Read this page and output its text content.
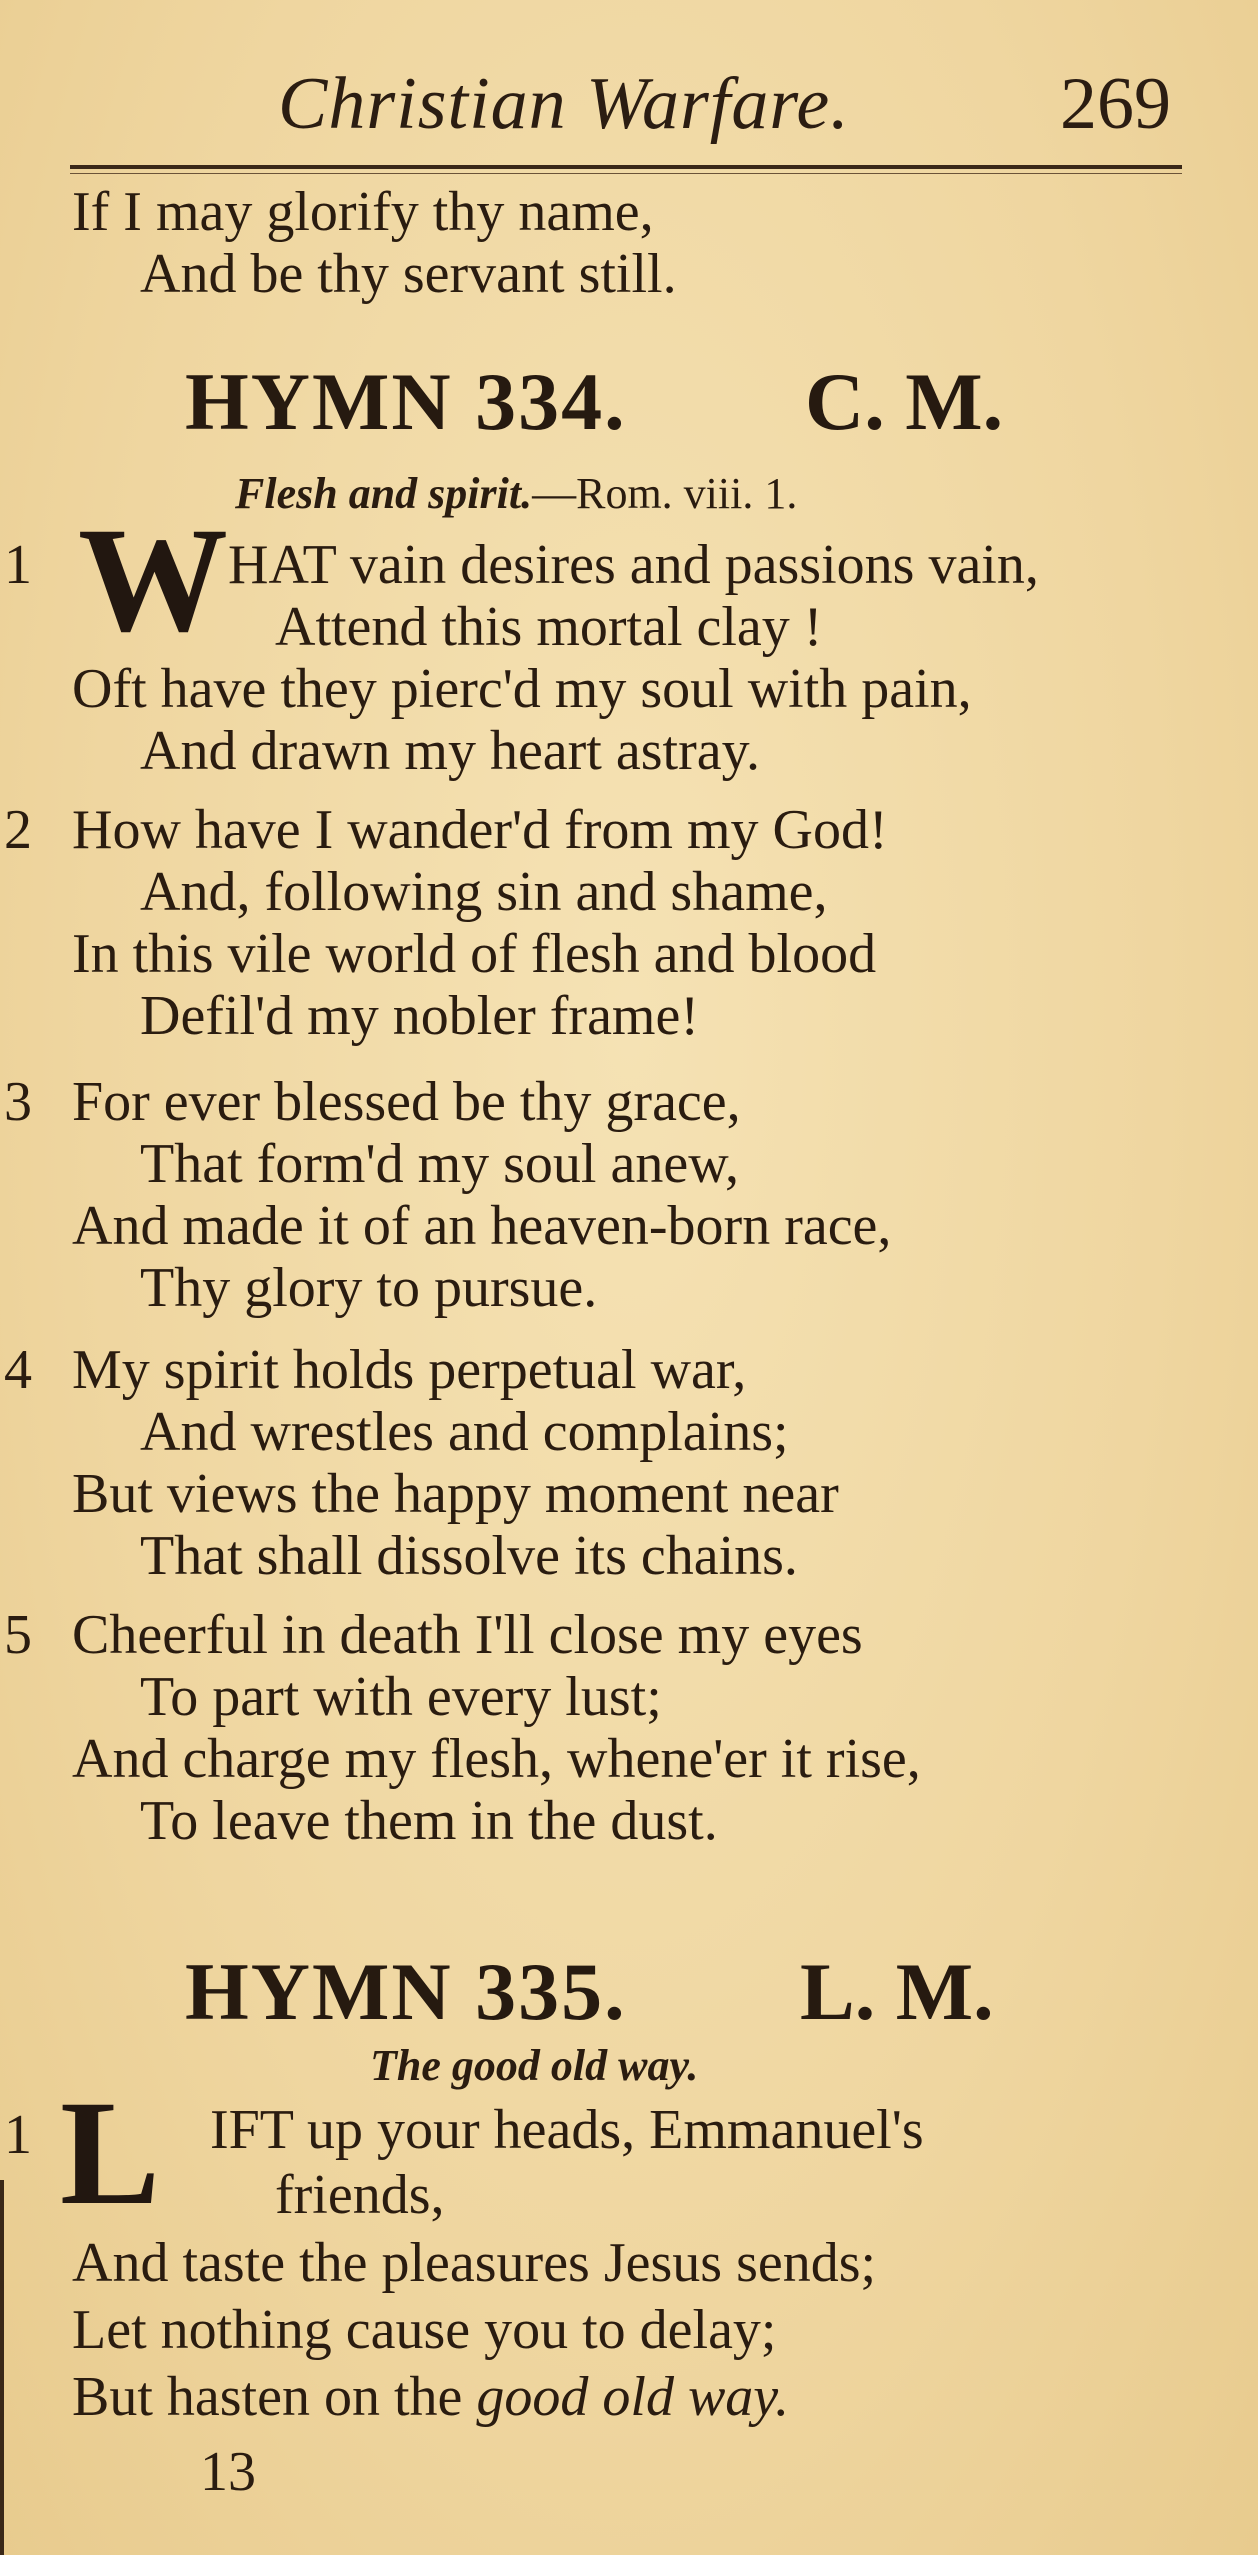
Christian Warfare.	269
If I may glorify thy name,
And be thy servant still.
HYMN 334. C. M.
Flesh and spirit.—Rom. viii. 1.
1 W HAT vain desires and passions vain,
Attend this mortal clay !
Oft have they pierc'd my soul with pain,
And drawn my heart astray.
2 How have I wander'd from my God!
And, following sin and shame,
In this vile world of flesh and blood
Defil'd my nobler frame!
3 For ever blessed be thy grace,
That form'd my soul anew,
And made it of an heaven-born race,
Thy glory to pursue.
4 My spirit holds perpetual war,
And wrestles and complains;
But views the happy moment near
That shall dissolve its chains.
5 Cheerful in death I'll close my eyes
To part with every lust;
And charge my flesh, whene'er it rise,
To leave them in the dust.
HYMN 335. L. M.
The good old way.
1 L IFT up your heads, Emmanuel's
friends,
And taste the pleasures Jesus sends;
Let nothing cause you to delay;
But hasten on the good old way.
13
